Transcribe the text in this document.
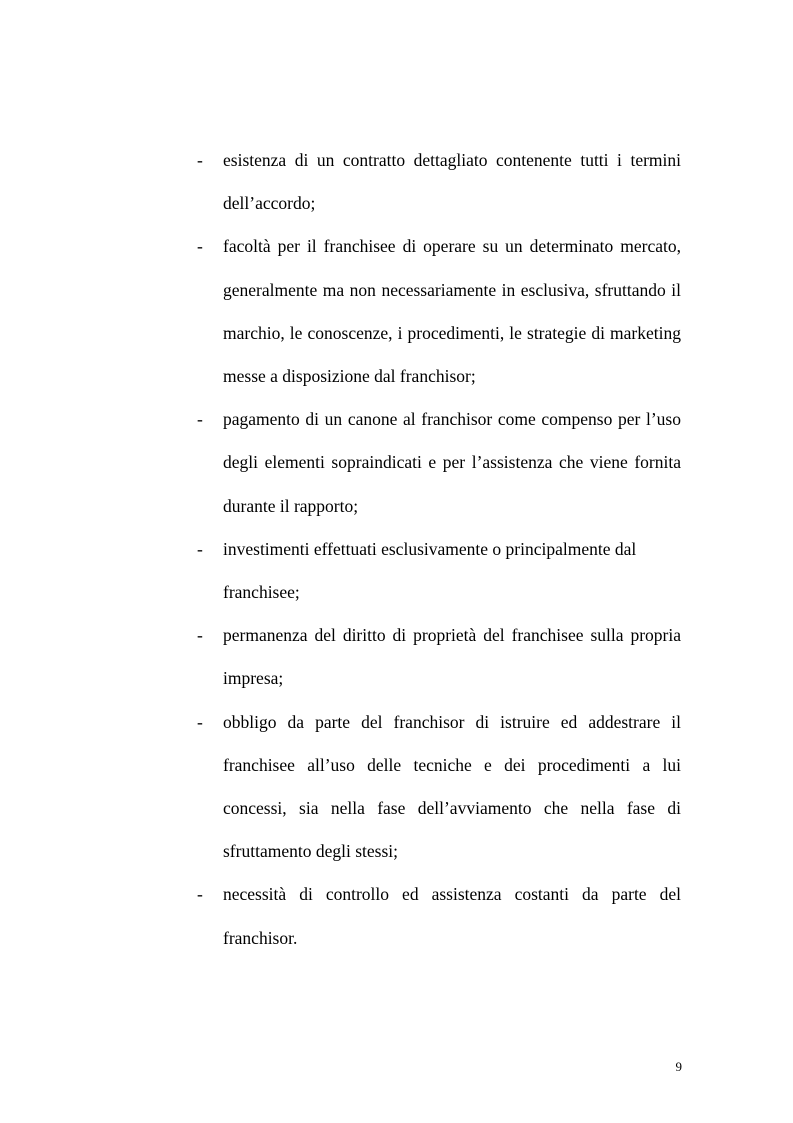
-	esistenza di un contratto dettagliato contenente tutti i termini dell’accordo;
-	facoltà per il franchisee di operare su un determinato mercato, generalmente ma non necessariamente in esclusiva, sfruttando il marchio, le conoscenze, i procedimenti, le strategie di marketing messe a disposizione dal franchisor;
-	pagamento di un canone al franchisor come compenso per l’uso degli elementi sopraindicati e per l’assistenza che viene fornita durante il rapporto;
-	investimenti effettuati esclusivamente o principalmente dal franchisee;
-	permanenza del diritto di proprietà del franchisee sulla propria impresa;
-	obbligo da parte del franchisor di istruire ed addestrare il franchisee all’uso delle tecniche e dei procedimenti a lui concessi, sia nella fase dell’avviamento che nella fase di sfruttamento degli stessi;
-	necessità di controllo ed assistenza costanti da parte del franchisor.
9
